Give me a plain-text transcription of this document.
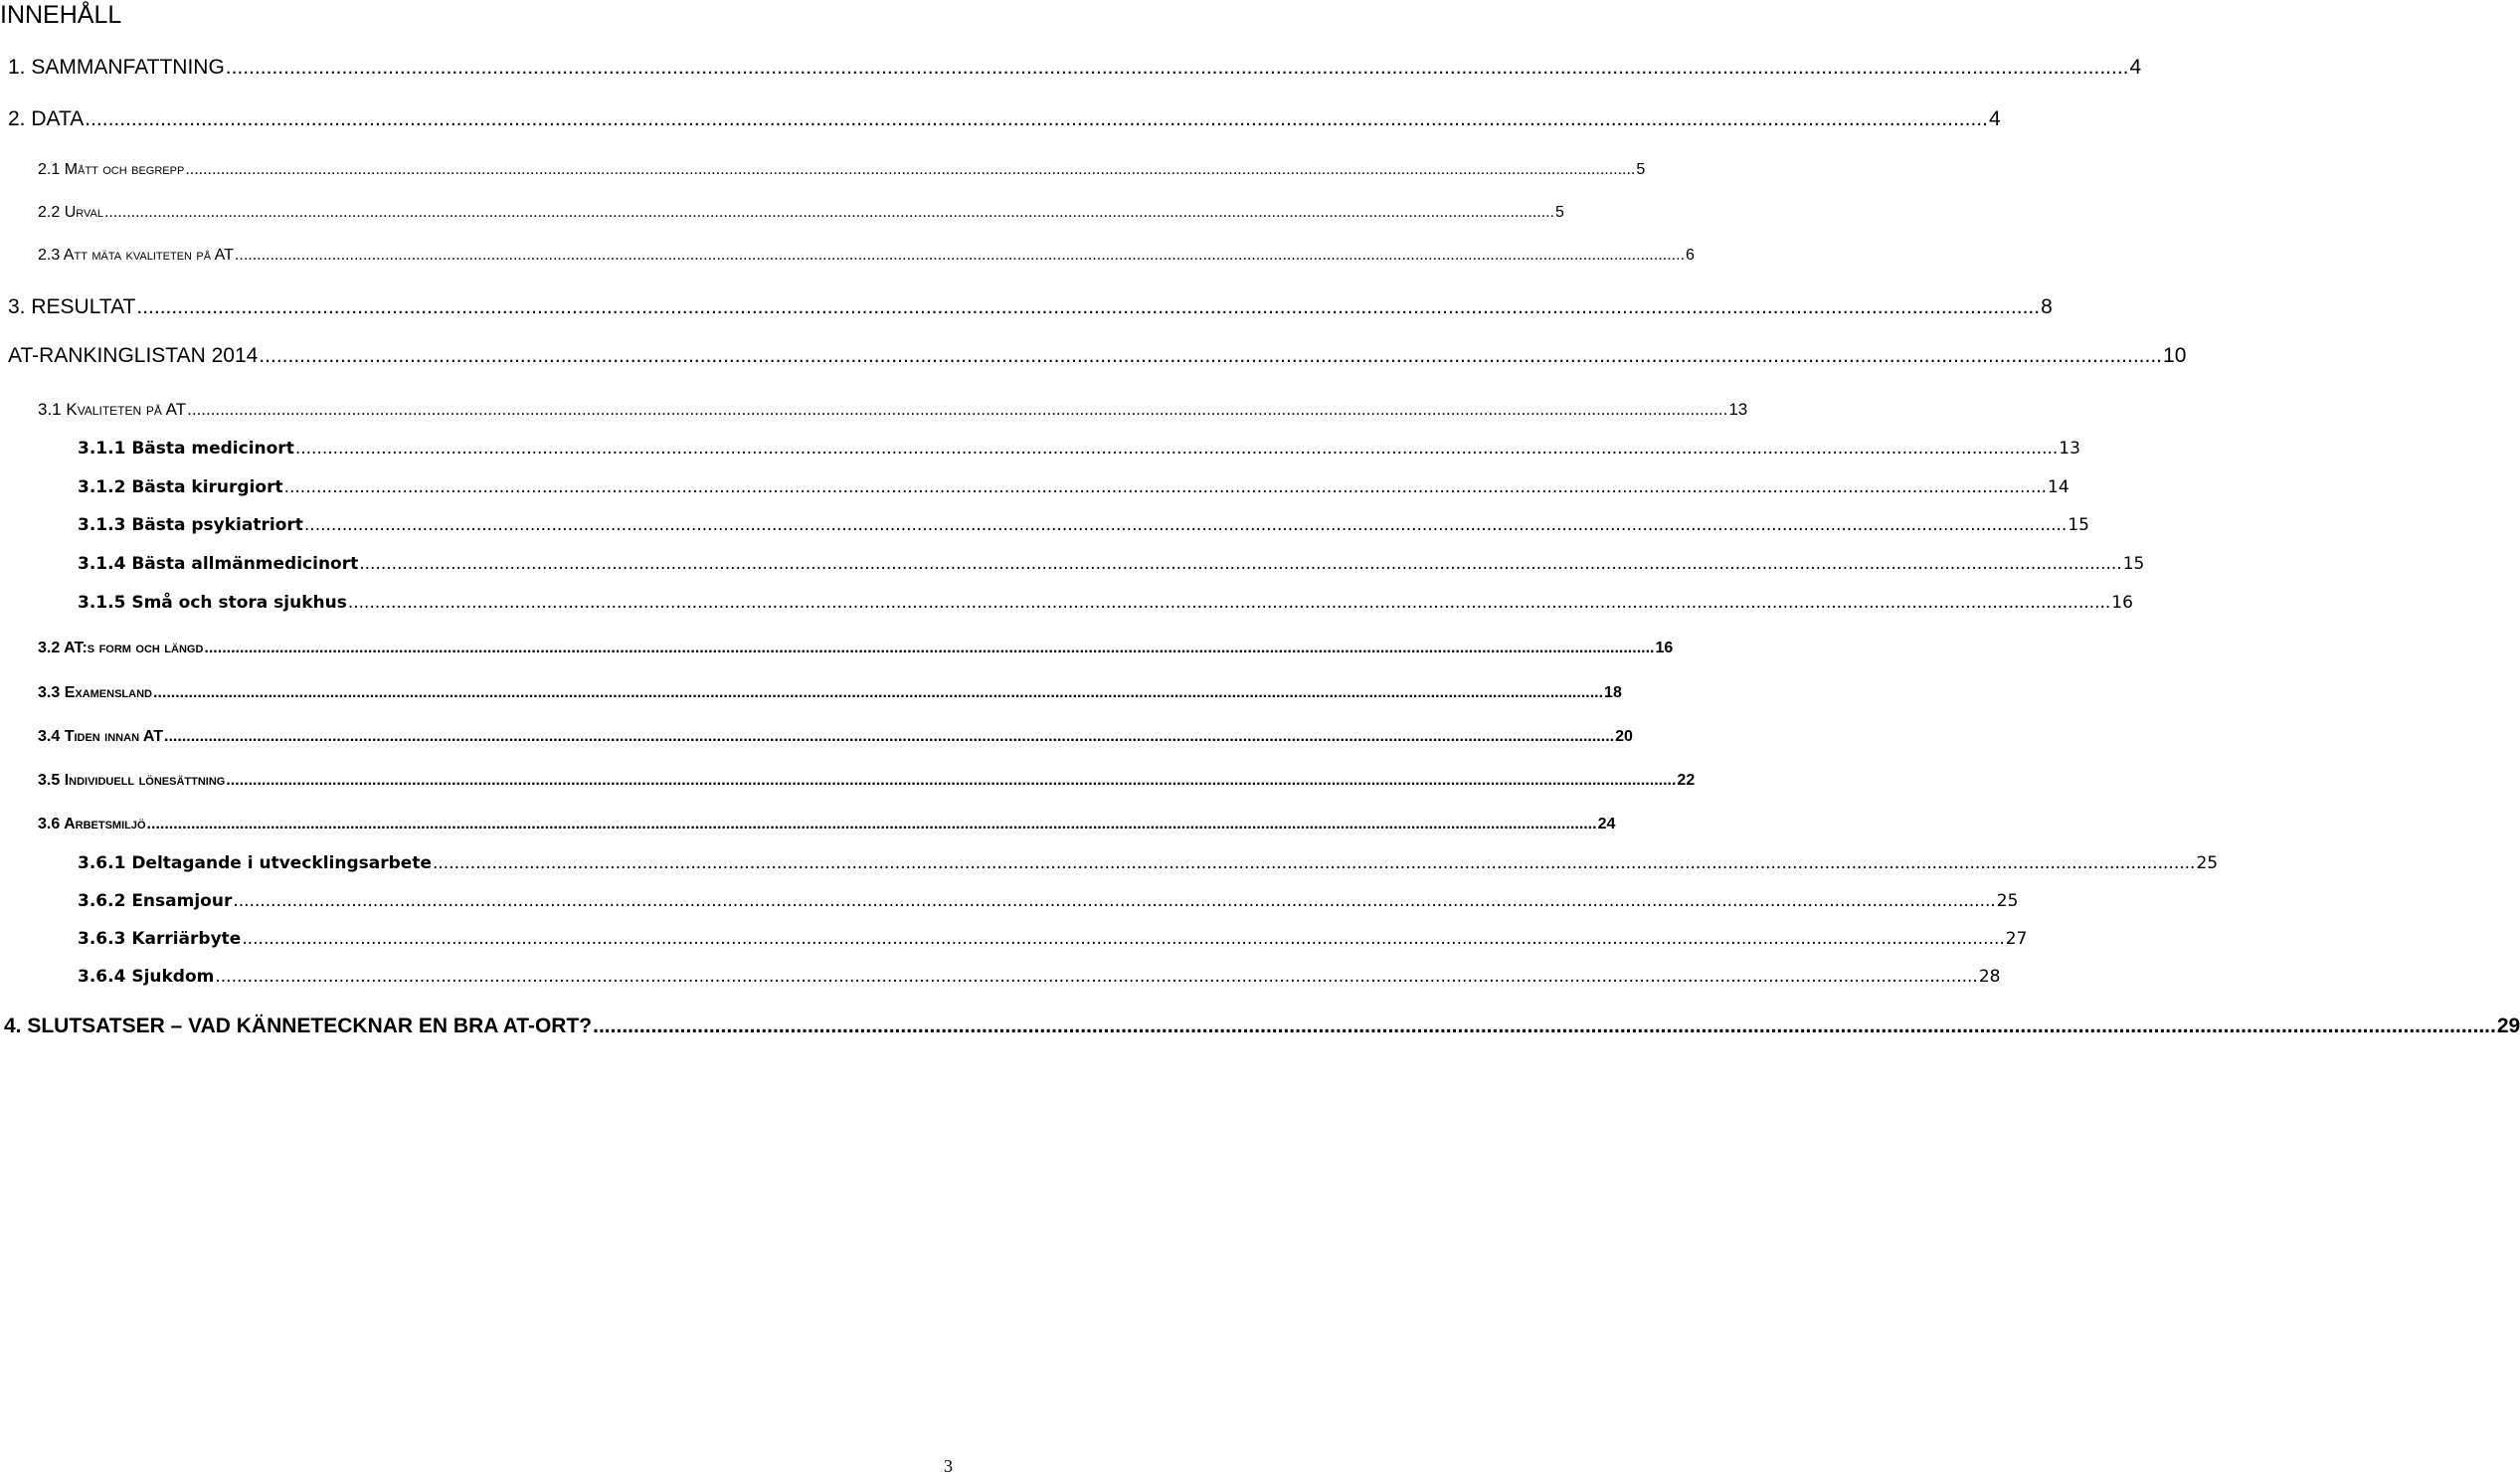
INNEHÅLL
1. SAMMANFATTNING .....	4
2. DATA .....	4
2.1 Mått och begrepp .....	5
2.2 Urval .....	5
2.3 Att mäta kvaliteten på AT .....	6
3. RESULTAT .....	8
AT-RANKINGLISTAN 2014 .....	10
3.1 Kvaliteten på AT .....	13
3.1.1 Bästa medicinort .....	13
3.1.2 Bästa kirurgiort .....	14
3.1.3 Bästa psykiatriort .....	15
3.1.4 Bästa allmänmedicinort .....	15
3.1.5 Små och stora sjukhus .....	16
3.2 AT:s form och längd .....	16
3.3 Examensland .....	18
3.4 Tiden innan AT .....	20
3.5 Individuell lönesättning .....	22
3.6 Arbetsmiljö .....	24
3.6.1 Deltagande i utvecklingsarbete .....	25
3.6.2 Ensamjour .....	25
3.6.3 Karriärbyte .....	27
3.6.4 Sjukdom .....	28
4. SLUTSATSER – VAD KÄNNETECKNAR EN BRA AT-ORT? .....	29
3
